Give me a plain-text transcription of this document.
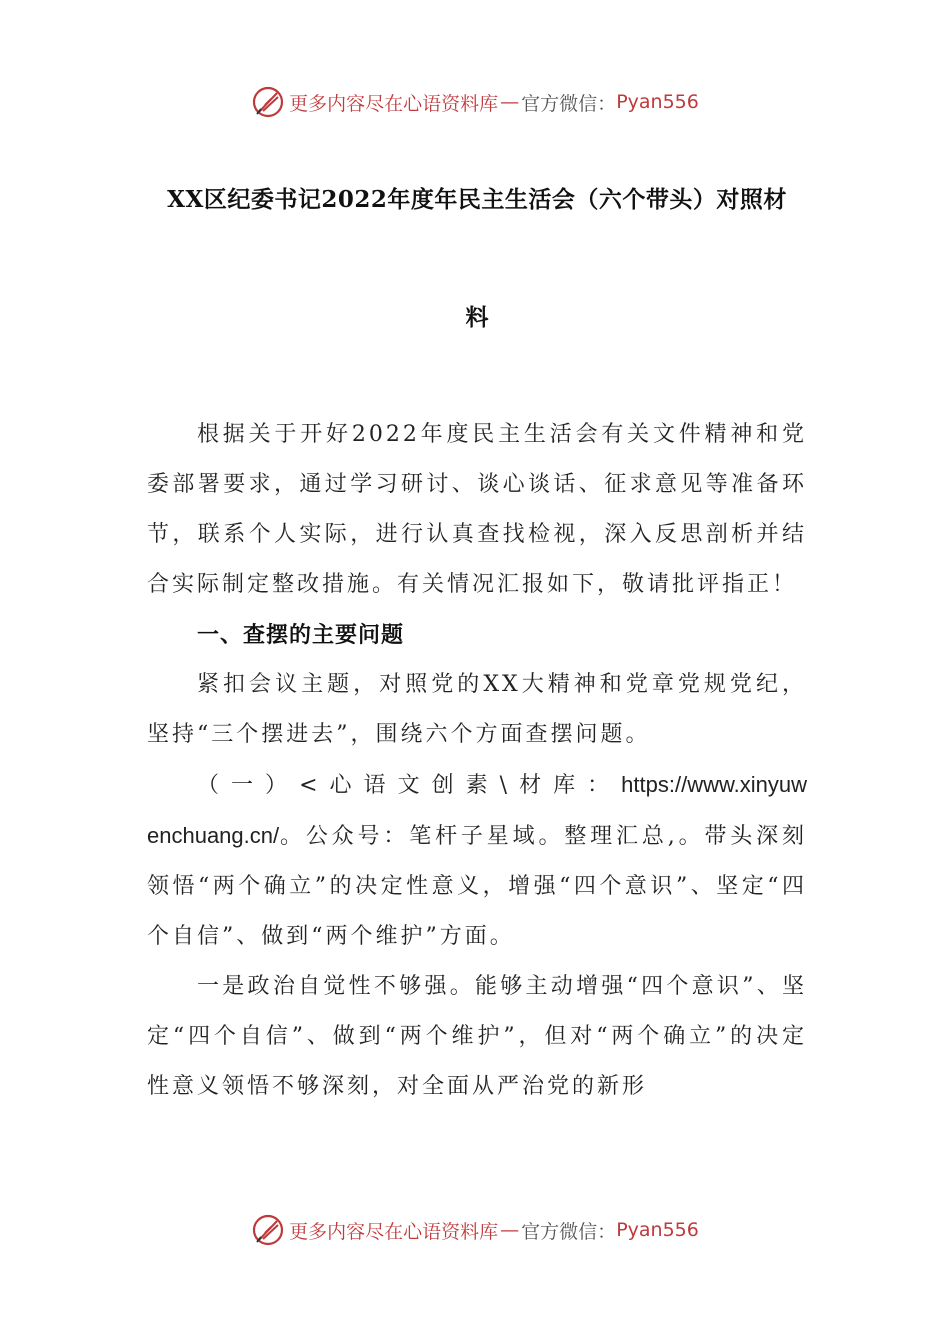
更多内容尽在心语资料库 — 官方微信： Pyan556
XX区纪委书记2022年度年民主生活会（六个带头）对照材
料

根据关于开好2022年度民主生活会有关文件精神和党委部署要求，通过学习研讨、谈心谈话、征求意见等准备环节，联系个人实际，进行认真查找检视，深入反思剖析并结合实际制定整改措施。有关情况汇报如下，敬请批评指正！

一、查摆的主要问题

紧扣会议主题，对照党的XX大精神和党章党规党纪，坚持“三个摆进去”，围绕六个方面查摆问题。

（一）<心语文创素\材库：https://www.xinyuwenchuang.cn/。公众号：笔杆子星域。整理汇总,。带头深刻领悟“两个确立”的决定性意义，增强“四个意识”、坚定“四个自信”、做到“两个维护”方面。

一是政治自觉性不够强。能够主动增强“四个意识”、坚定“四个自信”、做到“两个维护”，但对“两个确立”的决定性意义领悟不够深刻，对全面从严治党的新形

更多内容尽在心语资料库 — 官方微信： Pyan556
